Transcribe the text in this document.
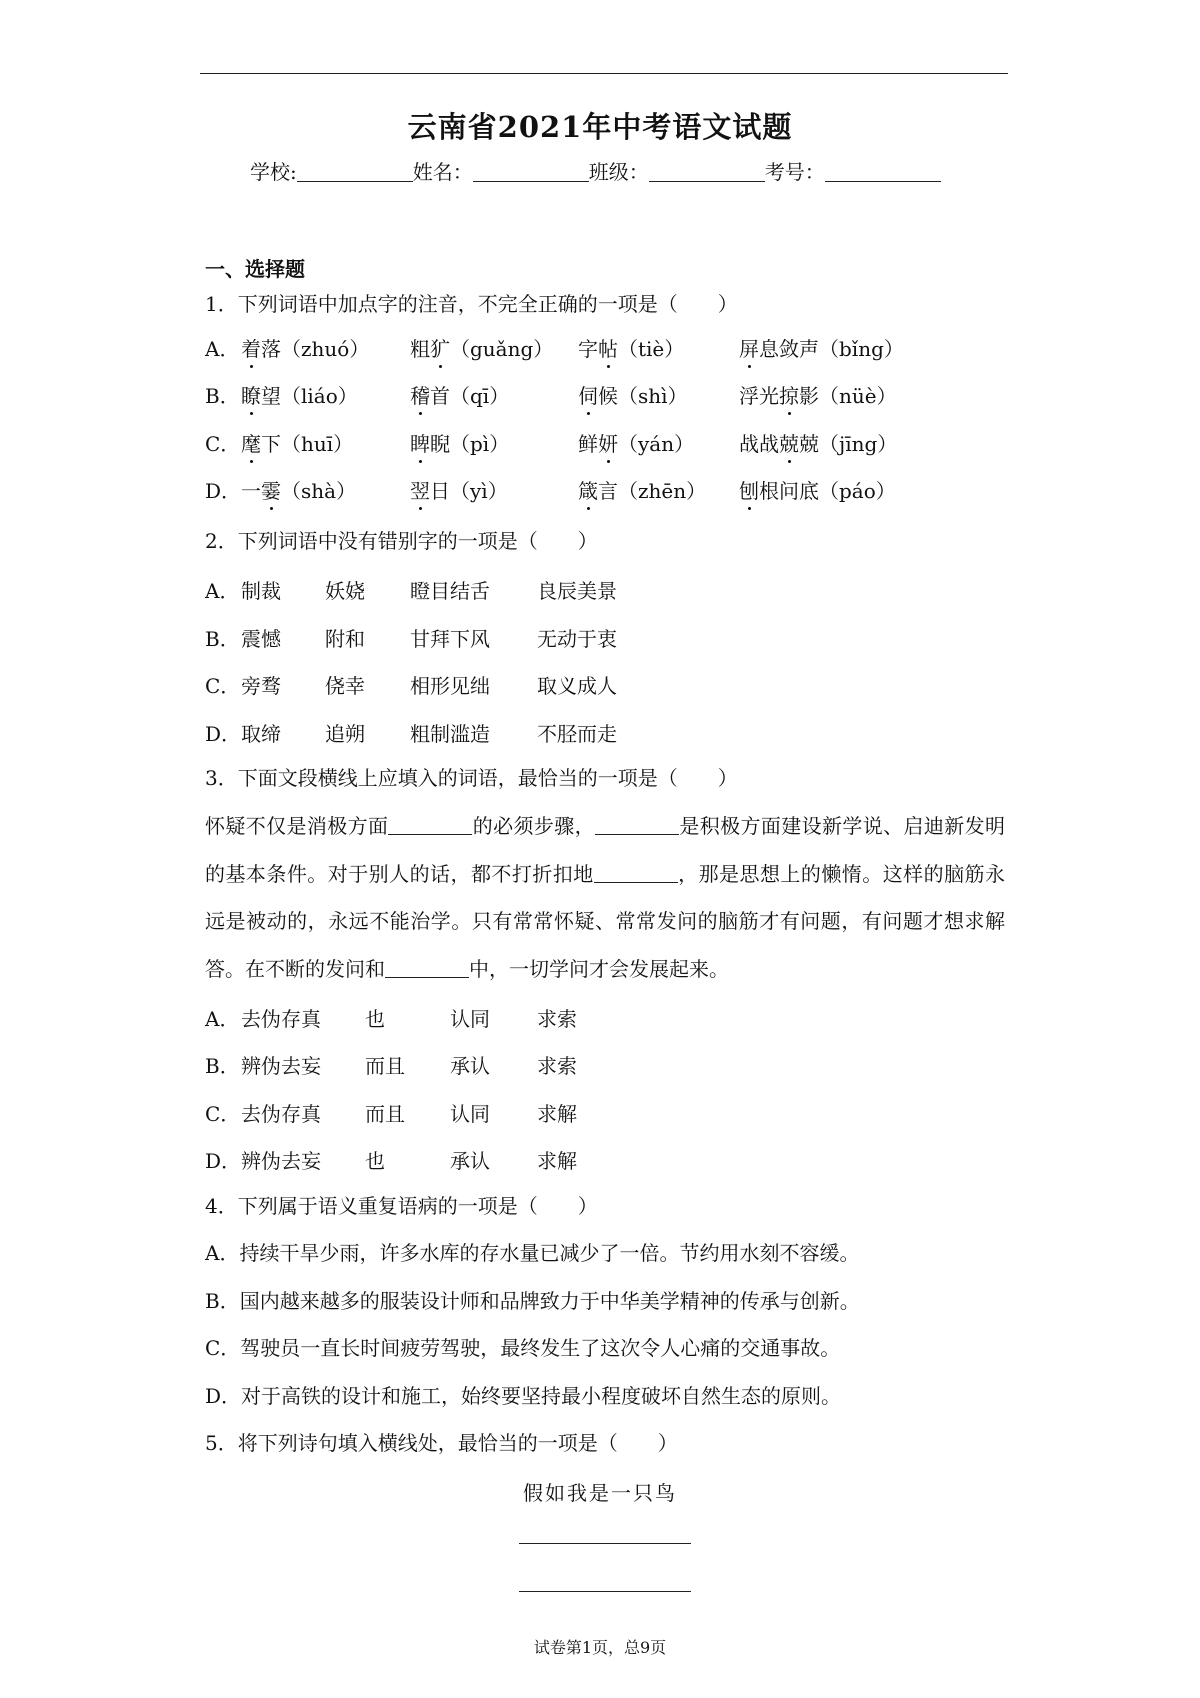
云南省2021年中考语文试题
学校:	姓名：	班级：	考号：
一、选择题
1．下列词语中加点字的注音，不完全正确的一项是（　　）
A． 着落（zhuó） 粗犷（guǎng） 字帖（tiè）	屏息敛声（bǐng）
B． 瞭望（liáo）	稽首（qī）	伺候（shì）	浮光掠影（nüè）
C． 麾下（huī）	睥睨（pì）	鲜妍（yán） 战战兢兢（jīng）
D． 一霎（shà）	翌日（yì）	箴言（zhēn） 刨根问底（páo）
2．下列词语中没有错别字的一项是（　　）
A． 制裁 妖娆 瞪目结舌 良辰美景
B． 震憾 附和 甘拜下风 无动于衷
C． 旁骛 侥幸 相形见绌 取义成人
D． 取缔 追朔 粗制滥造 不胫而走
3．下面文段横线上应填入的词语，最恰当的一项是（　　）
怀疑不仅是消极方面	的必须步骤，	是积极方面建设新学说、启迪新发明的基本条件。对于别人的话，都不打折扣地	，那是思想上的懒惰。这样的脑筋永远是被动的，永远不能治学。只有常常怀疑、常常发问的脑筋才有问题，有问题才想求解答。在不断的发问和	中，一切学问才会发展起来。
A． 去伪存真 也	认同 求索
B． 辨伪去妄 而且 承认 求索
C． 去伪存真 而且 认同 求解
D． 辨伪去妄 也	承认 求解
4．下列属于语义重复语病的一项是（　　）
A．持续干旱少雨，许多水库的存水量已减少了一倍。节约用水刻不容缓。
B．国内越来越多的服装设计师和品牌致力于中华美学精神的传承与创新。
C．驾驶员一直长时间疲劳驾驶，最终发生了这次令人心痛的交通事故。
D．对于高铁的设计和施工，始终要坚持最小程度破坏自然生态的原则。
5．将下列诗句填入横线处，最恰当的一项是（　　）
假如我是一只鸟
试卷第1页，总9页
